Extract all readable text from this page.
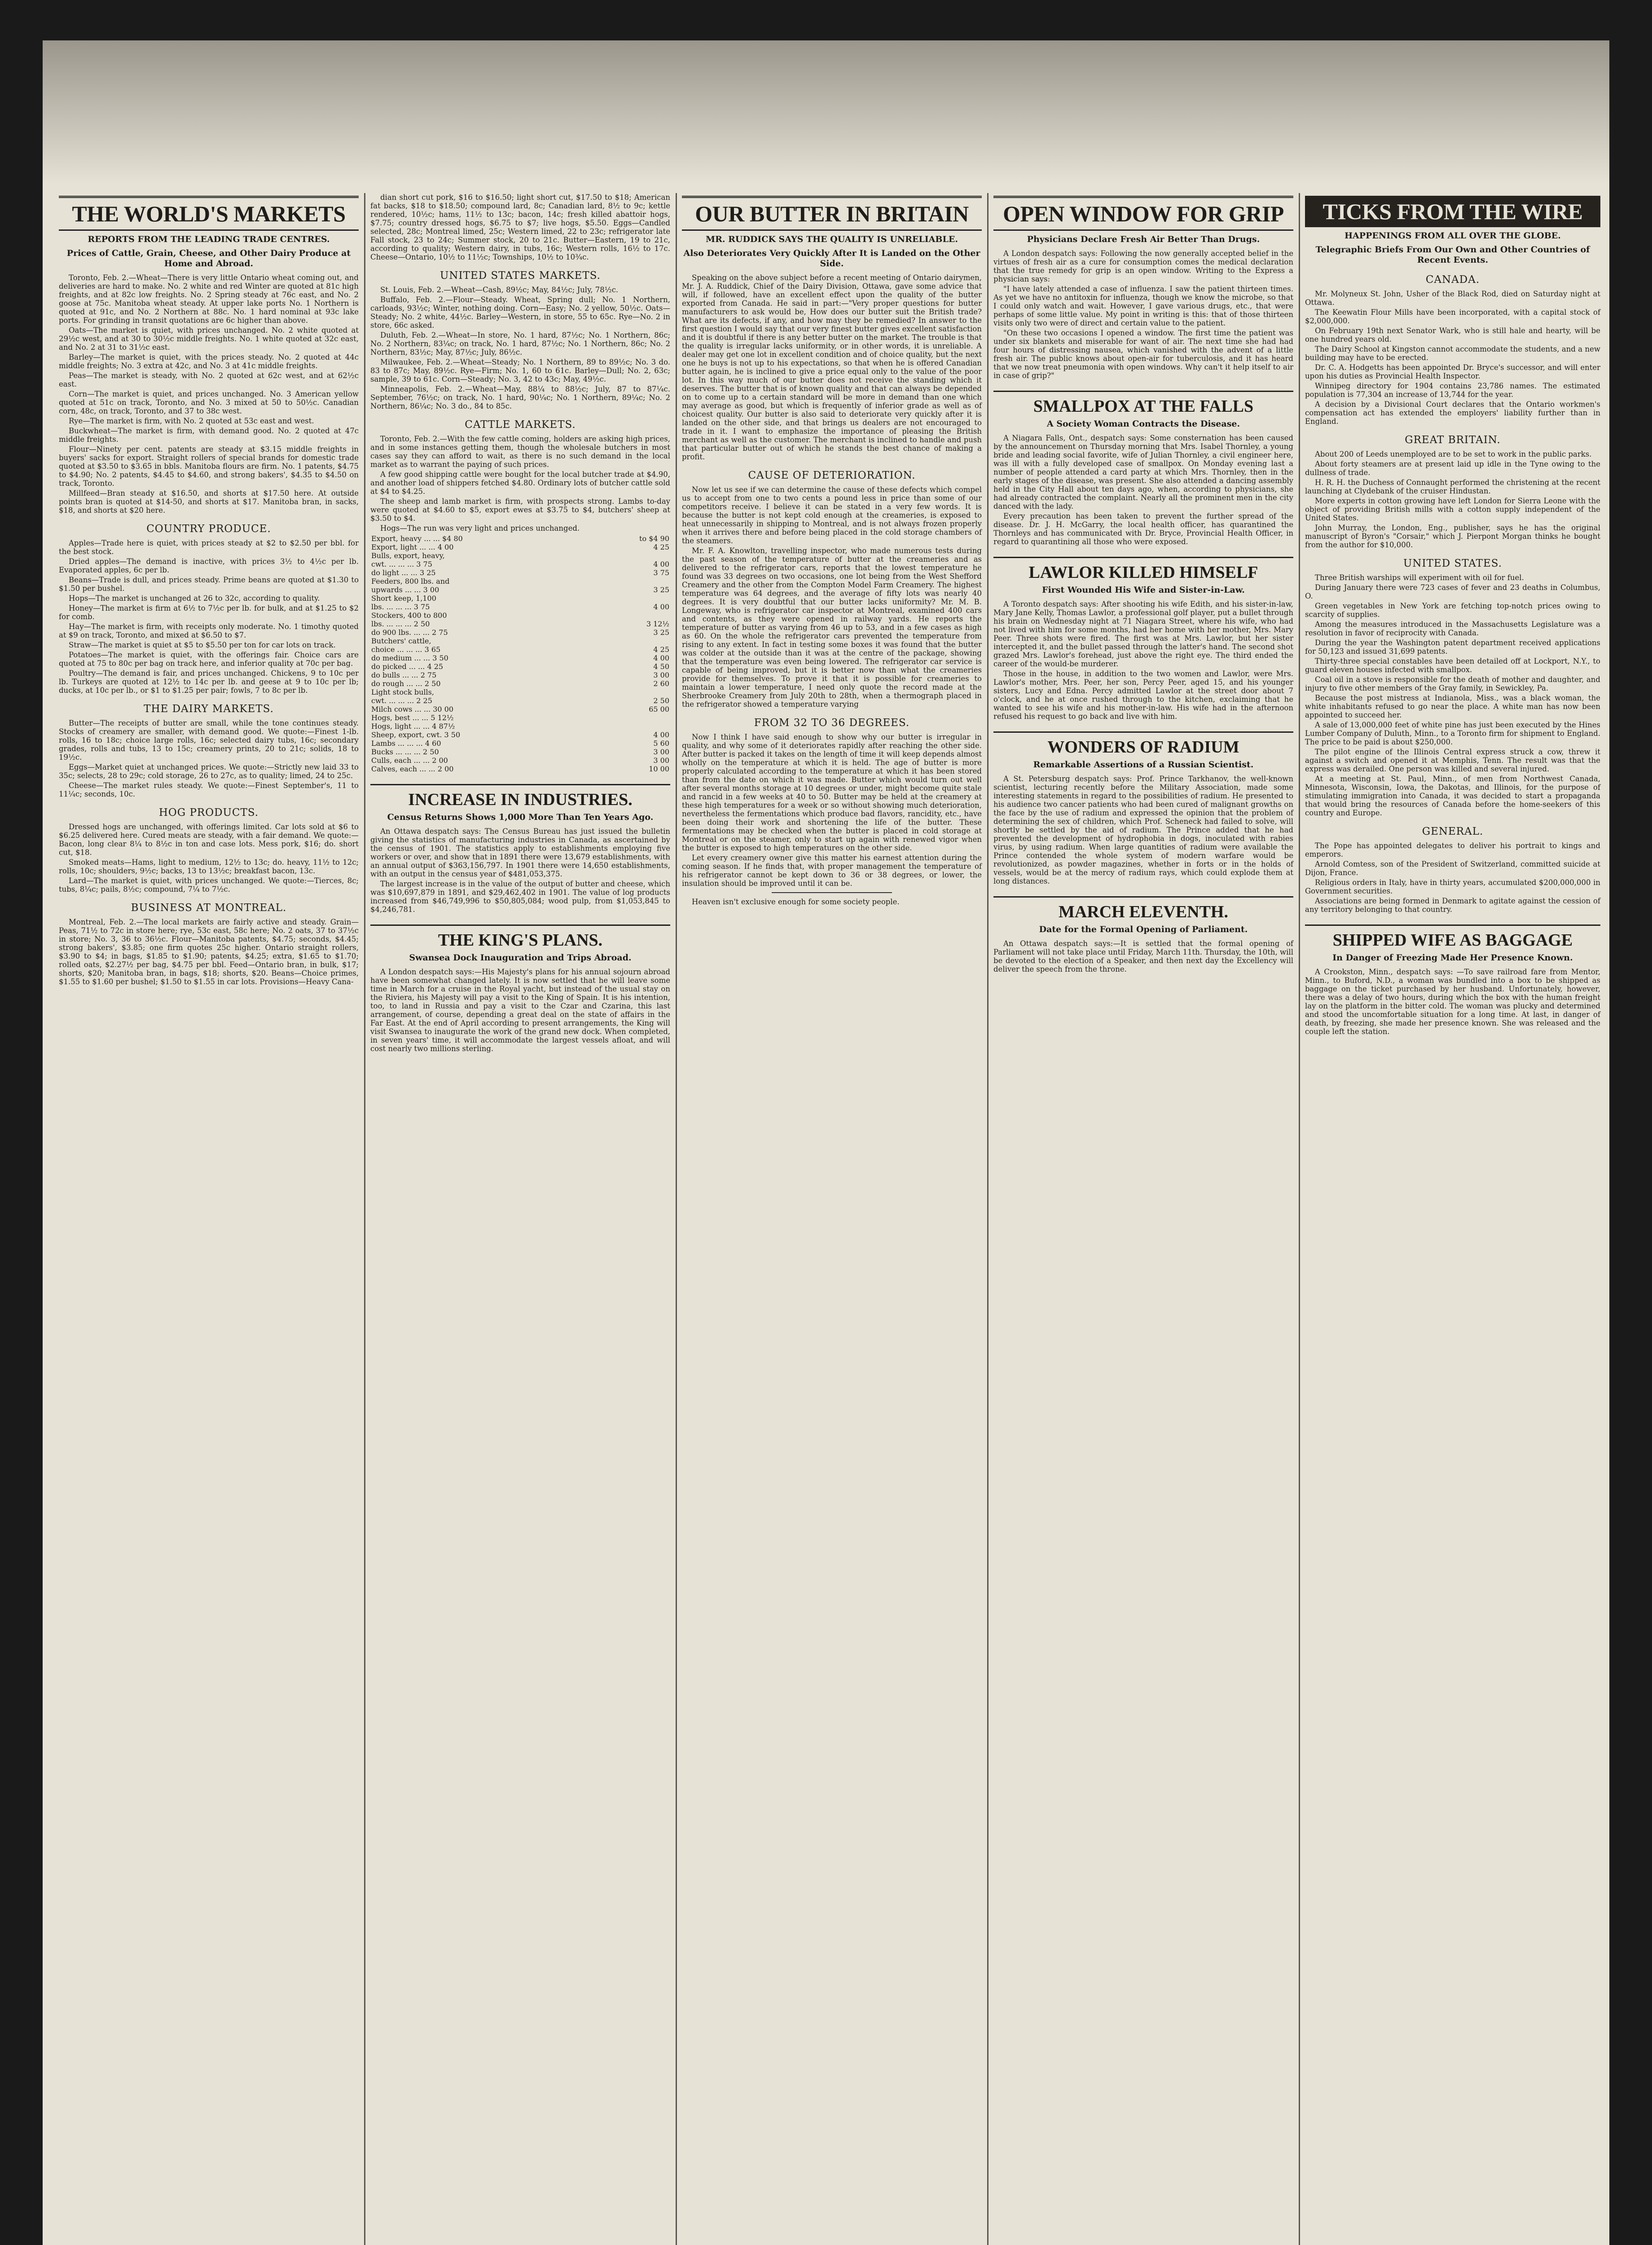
THE WORLD'S MARKETS
REPORTS FROM THE LEADING TRADE CENTRES.
Prices of Cattle, Grain, Cheese, and Other Dairy Produce at Home and Abroad.

Toronto, Feb. 2.—Wheat—There is very little Ontario wheat coming out, and deliveries are hard to make. No. 2 white and red Winter are quoted at 81c high freights, and at 82c low freights. No. 2 Spring steady at 76c east, and No. 2 goose at 75c. Manitoba wheat steady. At upper lake ports No. 1 Northern is quoted at 91c, and No. 2 Northern at 88c. No. 1 hard nominal at 93c lake ports. For grinding in transit quotations are 6c higher than above.

Oats—The market is quiet, with prices unchanged. No. 2 white quoted at 29½c west, and at 30 to 30½c middle freights. No. 1 white quoted at 32c east, and No. 2 at 31 to 31½c east.

Barley—The market is quiet, with the prices steady. No. 2 quoted at 44c middle freights; No. 3 extra at 42c, and No. 3 at 41c middle freights.

Peas—The market is steady, with No. 2 quoted at 62c west, and at 62½c east.

Corn—The market is quiet, and prices unchanged. No. 3 American yellow quoted at 51c on track, Toronto, and No. 3 mixed at 50 to 50½c. Canadian corn, 48c, on track, Toronto, and 37 to 38c west.

Rye—The market is firm, with No. 2 quoted at 53c east and west.

Buckwheat—The market is firm, with demand good. No. 2 quoted at 47c middle freights.

Flour—Ninety per cent. patents are steady at $3.15 middle freights in buyers' sacks for export. Straight rollers of special brands for domestic trade quoted at $3.50 to $3.65 in bbls. Manitoba flours are firm. No. 1 patents, $4.75 to $4.90; No. 2 patents, $4.45 to $4.60, and strong bakers', $4.35 to $4.50 on track, Toronto.

Millfeed—Bran steady at $16.50, and shorts at $17.50 here. At outside points bran is quoted at $14-50, and shorts at $17. Manitoba bran, in sacks, $18, and shorts at $20 here.

COUNTRY PRODUCE.

Apples—Trade here is quiet, with prices steady at $2 to $2.50 per bbl. for the best stock.

Dried apples—The demand is inactive, with prices 3½ to 4½c per lb. Evaporated apples, 6c per lb.

Beans—Trade is dull, and prices steady. Prime beans are quoted at $1.30 to $1.50 per bushel.

Hops—The market is unchanged at 26 to 32c, according to quality.

Honey—The market is firm at 6½ to 7½c per lb. for bulk, and at $1.25 to $2 for comb.

Hay—The market is firm, with receipts only moderate. No. 1 timothy quoted at $9 on track, Toronto, and mixed at $6.50 to $7.

Straw—The market is quiet at $5 to $5.50 per ton for car lots on track.

Potatoes—The market is quiet, with the offerings fair. Choice cars are quoted at 75 to 80c per bag on track here, and inferior quality at 70c per bag.

Poultry—The demand is fair, and prices unchanged. Chickens, 9 to 10c per lb. Turkeys are quoted at 12½ to 14c per lb. and geese at 9 to 10c per lb; ducks, at 10c per lb., or $1 to $1.25 per pair; fowls, 7 to 8c per lb.

THE DAIRY MARKETS.

Butter—The receipts of butter are small, while the tone continues steady. Stocks of creamery are smaller, with demand good. We quote:—Finest 1-lb. rolls, 16 to 18c; choice large rolls, 16c; selected dairy tubs, 16c; secondary grades, rolls and tubs, 13 to 15c; creamery prints, 20 to 21c; solids, 18 to 19½c.

Eggs—Market quiet at unchanged prices. We quote:—Strictly new laid 33 to 35c; selects, 28 to 29c; cold storage, 26 to 27c, as to quality; limed, 24 to 25c.

Cheese—The market rules steady. We quote:—Finest September's, 11 to 11¼c; seconds, 10c.

HOG PRODUCTS.

Dressed hogs are unchanged, with offerings limited. Car lots sold at $6 to $6.25 delivered here. Cured meats are steady, with a fair demand. We quote:—Bacon, long clear 8¼ to 8½c in ton and case lots. Mess pork, $16; do. short cut, $18.

Smoked meats—Hams, light to medium, 12½ to 13c; do. heavy, 11½ to 12c; rolls, 10c; shoulders, 9½c; backs, 13 to 13½c; breakfast bacon, 13c.

Lard—The market is quiet, with prices unchanged. We quote:—Tierces, 8c; tubs, 8¼c; pails, 8½c; compound, 7¼ to 7½c.

BUSINESS AT MONTREAL.

Montreal, Feb. 2.—The local markets are fairly active and steady. Grain—Peas, 71½ to 72c in store here; rye, 53c east, 58c here; No. 2 oats, 37 to 37½c in store; No. 3, 36 to 36½c. Flour—Manitoba patents, $4.75; seconds, $4.45; strong bakers', $3.85; one firm quotes 25c higher. Ontario straight rollers, $3.90 to $4; in bags, $1.85 to $1.90; patents, $4.25; extra, $1.65 to $1.70; rolled oats, $2.27½ per bag, $4.75 per bbl. Feed—Ontario bran, in bulk, $17; shorts, $20; Manitoba bran, in bags, $18; shorts, $20. Beans—Choice primes, $1.55 to $1.60 per bushel; $1.50 to $1.55 in car lots. Provisions—Heavy Cana-

dian short cut pork, $16 to $16.50; light short cut, $17.50 to $18; American fat backs, $18 to $18.50; compound lard, 8c; Canadian lard, 8½ to 9c; kettle rendered, 10½c; hams, 11½ to 13c; bacon, 14c; fresh killed abattoir hogs, $7.75; country dressed hogs, $6.75 to $7; live hogs, $5.50. Eggs—Candled selected, 28c; Montreal limed, 25c; Western limed, 22 to 23c; refrigerator late Fall stock, 23 to 24c; Summer stock, 20 to 21c. Butter—Eastern, 19 to 21c, according to quality; Western dairy, in tubs, 16c; Western rolls, 16½ to 17c. Cheese—Ontario, 10½ to 11½c; Townships, 10½ to 10¾c.

UNITED STATES MARKETS.

St. Louis, Feb. 2.—Wheat—Cash, 89½c; May, 84½c; July, 78½c.

Buffalo, Feb. 2.—Flour—Steady. Wheat, Spring dull; No. 1 Northern, carloads, 93½c; Winter, nothing doing. Corn—Easy; No. 2 yellow, 50½c. Oats—Steady; No. 2 white, 44½c. Barley—Western, in store, 55 to 65c. Rye—No. 2 in store, 66c asked.

Duluth, Feb. 2.—Wheat—In store, No. 1 hard, 87½c; No. 1 Northern, 86c; No. 2 Northern, 83¼c; on track, No. 1 hard, 87½c; No. 1 Northern, 86c; No. 2 Northern, 83½c; May, 87½c; July, 86½c.

Milwaukee, Feb. 2.—Wheat—Steady; No. 1 Northern, 89 to 89½c; No. 3 do. 83 to 87c; May, 89½c. Rye—Firm; No. 1, 60 to 61c. Barley—Dull; No. 2, 63c; sample, 39 to 61c. Corn—Steady; No. 3, 42 to 43c; May, 49½c.

Minneapolis, Feb. 2.—Wheat—May, 88¼ to 88½c; July, 87 to 87¼c. September, 76½c; on track, No. 1 hard, 90¼c; No. 1 Northern, 89¼c; No. 2 Northern, 86¼c; No. 3 do., 84 to 85c.

CATTLE MARKETS.

Toronto, Feb. 2.—With the few cattle coming, holders are asking high prices, and in some instances getting them, though the wholesale butchers in most cases say they can afford to wait, as there is no such demand in the local market as to warrant the paying of such prices.

A few good shipping cattle were bought for the local butcher trade at $4.90, and another load of shippers fetched $4.80. Ordinary lots of butcher cattle sold at $4 to $4.25.

The sheep and lamb market is firm, with prospects strong. Lambs to-day were quoted at $4.60 to $5, export ewes at $3.75 to $4, butchers' sheep at $3.50 to $4.

Hogs—The run was very light and prices unchanged.

Export, heavy ... ... $4 80	to $4 90
Export, light ... ... 4 00	4 25
Bulls, export, heavy,	
cwt. ... ... ... 3 75	4 00
do light ... ... 3 25	3 75
Feeders, 800 lbs. and	
upwards ... ... 3 00	3 25
Short keep, 1,100	
lbs. ... ... ... 3 75	4 00
Stockers, 400 to 800	
lbs. ... ... ... 2 50	3 12½
do 900 lbs. ... ... 2 75	3 25
Butchers' cattle,	
choice ... ... ... 3 65	4 25
do medium ... ... 3 50	4 00
do picked ... ... 4 25	4 50
do bulls ... ... 2 75	3 00
do rough ... ... 2 50	2 60
Light stock bulls,	
cwt. ... ... ... 2 25	2 50
Milch cows ... ... 30 00	65 00
Hogs, best ... ... 5 12½	
Hogs, light ... ... 4 87½	
Sheep, export, cwt. 3 50	4 00
Lambs ... ... ... 4 60	5 60
Bucks ... ... ... 2 50	3 00
Culls, each ... ... 2 00	3 00
Calves, each ... ... 2 00	10 00
INCREASE IN INDUSTRIES.
Census Returns Shows 1,000 More Than Ten Years Ago.

An Ottawa despatch says: The Census Bureau has just issued the bulletin giving the statistics of manufacturing industries in Canada, as ascertained by the census of 1901. The statistics apply to establishments employing five workers or over, and show that in 1891 there were 13,679 establishments, with an annual output of $363,156,797. In 1901 there were 14,650 establishments, with an output in the census year of $481,053,375.

The largest increase is in the value of the output of butter and cheese, which was $10,697,879 in 1891, and $29,462,402 in 1901. The value of log products increased from $46,749,996 to $50,805,084; wood pulp, from $1,053,845 to $4,246,781.

THE KING'S PLANS.
Swansea Dock Inauguration and Trips Abroad.

A London despatch says:—His Majesty's plans for his annual sojourn abroad have been somewhat changed lately. It is now settled that he will leave some time in March for a cruise in the Royal yacht, but instead of the usual stay on the Riviera, his Majesty will pay a visit to the King of Spain. It is his intention, too, to land in Russia and pay a visit to the Czar and Czarina, this last arrangement, of course, depending a great deal on the state of affairs in the Far East. At the end of April according to present arrangements, the King will visit Swansea to inaugurate the work of the grand new dock. When completed, in seven years' time, it will accommodate the largest vessels afloat, and will cost nearly two millions sterling.

OUR BUTTER IN BRITAIN
MR. RUDDICK SAYS THE QUALITY IS UNRELIABLE.
Also Deteriorates Very Quickly After It is Landed on the Other Side.

Speaking on the above subject before a recent meeting of Ontario dairymen, Mr. J. A. Ruddick, Chief of the Dairy Division, Ottawa, gave some advice that will, if followed, have an excellent effect upon the quality of the butter exported from Canada. He said in part:—"Very proper questions for butter manufacturers to ask would be, How does our butter suit the British trade? What are its defects, if any, and how may they be remedied? In answer to the first question I would say that our very finest butter gives excellent satisfaction and it is doubtful if there is any better butter on the market. The trouble is that the quality is irregular lacks uniformity, or in other words, it is unreliable. A dealer may get one lot in excellent condition and of choice quality, but the next one he buys is not up to his expectations, so that when he is offered Canadian butter again, he is inclined to give a price equal only to the value of the poor lot. In this way much of our butter does not receive the standing which it deserves. The butter that is of known quality and that can always be depended on to come up to a certain standard will be more in demand than one which may average as good, but which is frequently of inferior grade as well as of choicest quality. Our butter is also said to deteriorate very quickly after it is landed on the other side, and that brings us dealers are not encouraged to trade in it. I want to emphasize the importance of pleasing the British merchant as well as the customer. The merchant is inclined to handle and push that particular butter out of which he stands the best chance of making a profit.

CAUSE OF DETERIORATION.

Now let us see if we can determine the cause of these defects which compel us to accept from one to two cents a pound less in price than some of our competitors receive. I believe it can be stated in a very few words. It is because the butter is not kept cold enough at the creameries, is exposed to heat unnecessarily in shipping to Montreal, and is not always frozen properly when it arrives there and before being placed in the cold storage chambers of the steamers.

Mr. F. A. Knowlton, travelling inspector, who made numerous tests during the past season of the temperature of butter at the creameries and as delivered to the refrigerator cars, reports that the lowest temperature he found was 33 degrees on two occasions, one lot being from the West Shefford Creamery and the other from the Compton Model Farm Creamery. The highest temperature was 64 degrees, and the average of fifty lots was nearly 40 degrees. It is very doubtful that our butter lacks uniformity? Mr. M. B. Longeway, who is refrigerator car inspector at Montreal, examined 400 cars and contents, as they were opened in railway yards. He reports the temperature of butter as varying from 46 up to 53, and in a few cases as high as 60. On the whole the refrigerator cars prevented the temperature from rising to any extent. In fact in testing some boxes it was found that the butter was colder at the outside than it was at the centre of the package, showing that the temperature was even being lowered. The refrigerator car service is capable of being improved, but it is better now than what the creameries provide for themselves. To prove it that it is possible for creameries to maintain a lower temperature, I need only quote the record made at the Sherbrooke Creamery from July 20th to 28th, when a thermograph placed in the refrigerator showed a temperature varying

FROM 32 TO 36 DEGREES.

Now I think I have said enough to show why our butter is irregular in quality, and why some of it deteriorates rapidly after reaching the other side. After butter is packed it takes on the length of time it will keep depends almost wholly on the temperature at which it is held. The age of butter is more properly calculated according to the temperature at which it has been stored than from the date on which it was made. Butter which would turn out well after several months storage at 10 degrees or under, might become quite stale and rancid in a few weeks at 40 to 50. Butter may be held at the creamery at these high temperatures for a week or so without showing much deterioration, nevertheless the fermentations which produce bad flavors, rancidity, etc., have been doing their work and shortening the life of the butter. These fermentations may be checked when the butter is placed in cold storage at Montreal or on the steamer, only to start up again with renewed vigor when the butter is exposed to high temperatures on the other side.

Let every creamery owner give this matter his earnest attention during the coming season. If he finds that, with proper management the temperature of his refrigerator cannot be kept down to 36 or 38 degrees, or lower, the insulation should be improved until it can be.

Heaven isn't exclusive enough for some society people.

OPEN WINDOW FOR GRIP
Physicians Declare Fresh Air Better Than Drugs.

A London despatch says: Following the now generally accepted belief in the virtues of fresh air as a cure for consumption comes the medical declaration that the true remedy for grip is an open window. Writing to the Express a physician says:

"I have lately attended a case of influenza. I saw the patient thirteen times. As yet we have no antitoxin for influenza, though we know the microbe, so that I could only watch and wait. However, I gave various drugs, etc., that were perhaps of some little value. My point in writing is this: that of those thirteen visits only two were of direct and certain value to the patient.

"On these two occasions I opened a window. The first time the patient was under six blankets and miserable for want of air. The next time she had had four hours of distressing nausea, which vanished with the advent of a little fresh air. The public knows about open-air for tuberculosis, and it has heard that we now treat pneumonia with open windows. Why can't it help itself to air in case of grip?"

SMALLPOX AT THE FALLS
A Society Woman Contracts the Disease.

A Niagara Falls, Ont., despatch says: Some consternation has been caused by the announcement on Thursday morning that Mrs. Isabel Thornley, a young bride and leading social favorite, wife of Julian Thornley, a civil engineer here, was ill with a fully developed case of smallpox. On Monday evening last a number of people attended a card party at which Mrs. Thornley, then in the early stages of the disease, was present. She also attended a dancing assembly held in the City Hall about ten days ago, when, according to physicians, she had already contracted the complaint. Nearly all the prominent men in the city danced with the lady.

Every precaution has been taken to prevent the further spread of the disease. Dr. J. H. McGarry, the local health officer, has quarantined the Thornleys and has communicated with Dr. Bryce, Provincial Health Officer, in regard to quarantining all those who were exposed.

LAWLOR KILLED HIMSELF
First Wounded His Wife and Sister-in-Law.

A Toronto despatch says: After shooting his wife Edith, and his sister-in-law, Mary Jane Kelly, Thomas Lawlor, a professional golf player, put a bullet through his brain on Wednesday night at 71 Niagara Street, where his wife, who had not lived with him for some months, had her home with her mother, Mrs. Mary Peer. Three shots were fired. The first was at Mrs. Lawlor, but her sister intercepted it, and the bullet passed through the latter's hand. The second shot grazed Mrs. Lawlor's forehead, just above the right eye. The third ended the career of the would-be murderer.

Those in the house, in addition to the two women and Lawlor, were Mrs. Lawlor's mother, Mrs. Peer, her son, Percy Peer, aged 15, and his younger sisters, Lucy and Edna. Percy admitted Lawlor at the street door about 7 o'clock, and he at once rushed through to the kitchen, exclaiming that he wanted to see his wife and his mother-in-law. His wife had in the afternoon refused his request to go back and live with him.

WONDERS OF RADIUM
Remarkable Assertions of a Russian Scientist.

A St. Petersburg despatch says: Prof. Prince Tarkhanov, the well-known scientist, lecturing recently before the Military Association, made some interesting statements in regard to the possibilities of radium. He presented to his audience two cancer patients who had been cured of malignant growths on the face by the use of radium and expressed the opinion that the problem of determining the sex of children, which Prof. Scheneck had failed to solve, will shortly be settled by the aid of radium. The Prince added that he had prevented the development of hydrophobia in dogs, inoculated with rabies virus, by using radium. When large quantities of radium were available the Prince contended the whole system of modern warfare would be revolutionized, as powder magazines, whether in forts or in the holds of vessels, would be at the mercy of radium rays, which could explode them at long distances.

MARCH ELEVENTH.
Date for the Formal Opening of Parliament.

An Ottawa despatch says:—It is settled that the formal opening of Parliament will not take place until Friday, March 11th. Thursday, the 10th, will be devoted to the election of a Speaker, and then next day the Excellency will deliver the speech from the throne.

TICKS FROM THE WIRE
HAPPENINGS FROM ALL OVER THE GLOBE.
Telegraphic Briefs From Our Own and Other Countries of Recent Events.
CANADA.

Mr. Molyneux St. John, Usher of the Black Rod, died on Saturday night at Ottawa.

The Keewatin Flour Mills have been incorporated, with a capital stock of $2,000,000.

On February 19th next Senator Wark, who is still hale and hearty, will be one hundred years old.

The Dairy School at Kingston cannot accommodate the students, and a new building may have to be erected.

Dr. C. A. Hodgetts has been appointed Dr. Bryce's successor, and will enter upon his duties as Provincial Health Inspector.

Winnipeg directory for 1904 contains 23,786 names. The estimated population is 77,304 an increase of 13,744 for the year.

A decision by a Divisional Court declares that the Ontario workmen's compensation act has extended the employers' liability further than in England.

GREAT BRITAIN.

About 200 of Leeds unemployed are to be set to work in the public parks.

About forty steamers are at present laid up idle in the Tyne owing to the dullness of trade.

H. R. H. the Duchess of Connaught performed the christening at the recent launching at Clydebank of the cruiser Hindustan.

More experts in cotton growing have left London for Sierra Leone with the object of providing British mills with a cotton supply independent of the United States.

John Murray, the London, Eng., publisher, says he has the original manuscript of Byron's "Corsair," which J. Pierpont Morgan thinks he bought from the author for $10,000.

UNITED STATES.

Three British warships will experiment with oil for fuel.

During January there were 723 cases of fever and 23 deaths in Columbus, O.

Green vegetables in New York are fetching top-notch prices owing to scarcity of supplies.

Among the measures introduced in the Massachusetts Legislature was a resolution in favor of reciprocity with Canada.

During the year the Washington patent department received applications for 50,123 and issued 31,699 patents.

Thirty-three special constables have been detailed off at Lockport, N.Y., to guard eleven houses infected with smallpox.

Coal oil in a stove is responsible for the death of mother and daughter, and injury to five other members of the Gray family, in Sewickley, Pa.

Because the post mistress at Indianola, Miss., was a black woman, the white inhabitants refused to go near the place. A white man has now been appointed to succeed her.

A sale of 13,000,000 feet of white pine has just been executed by the Hines Lumber Company of Duluth, Minn., to a Toronto firm for shipment to England. The price to be paid is about $250,000.

The pilot engine of the Illinois Central express struck a cow, threw it against a switch and opened it at Memphis, Tenn. The result was that the express was derailed. One person was killed and several injured.

At a meeting at St. Paul, Minn., of men from Northwest Canada, Minnesota, Wisconsin, Iowa, the Dakotas, and Illinois, for the purpose of stimulating immigration into Canada, it was decided to start a propaganda that would bring the resources of Canada before the home-seekers of this country and Europe.

GENERAL.

The Pope has appointed delegates to deliver his portrait to kings and emperors.

Arnold Comtess, son of the President of Switzerland, committed suicide at Dijon, France.

Religious orders in Italy, have in thirty years, accumulated $200,000,000 in Government securities.

Associations are being formed in Denmark to agitate against the cession of any territory belonging to that country.

SHIPPED WIFE AS BAGGAGE
In Danger of Freezing Made Her Presence Known.

A Crookston, Minn., despatch says: —To save railroad fare from Mentor, Minn., to Buford, N.D., a woman was bundled into a box to be shipped as baggage on the ticket purchased by her husband. Unfortunately, however, there was a delay of two hours, during which the box with the human freight lay on the platform in the bitter cold. The woman was plucky and determined and stood the uncomfortable situation for a long time. At last, in danger of death, by freezing, she made her presence known. She was released and the couple left the station.
